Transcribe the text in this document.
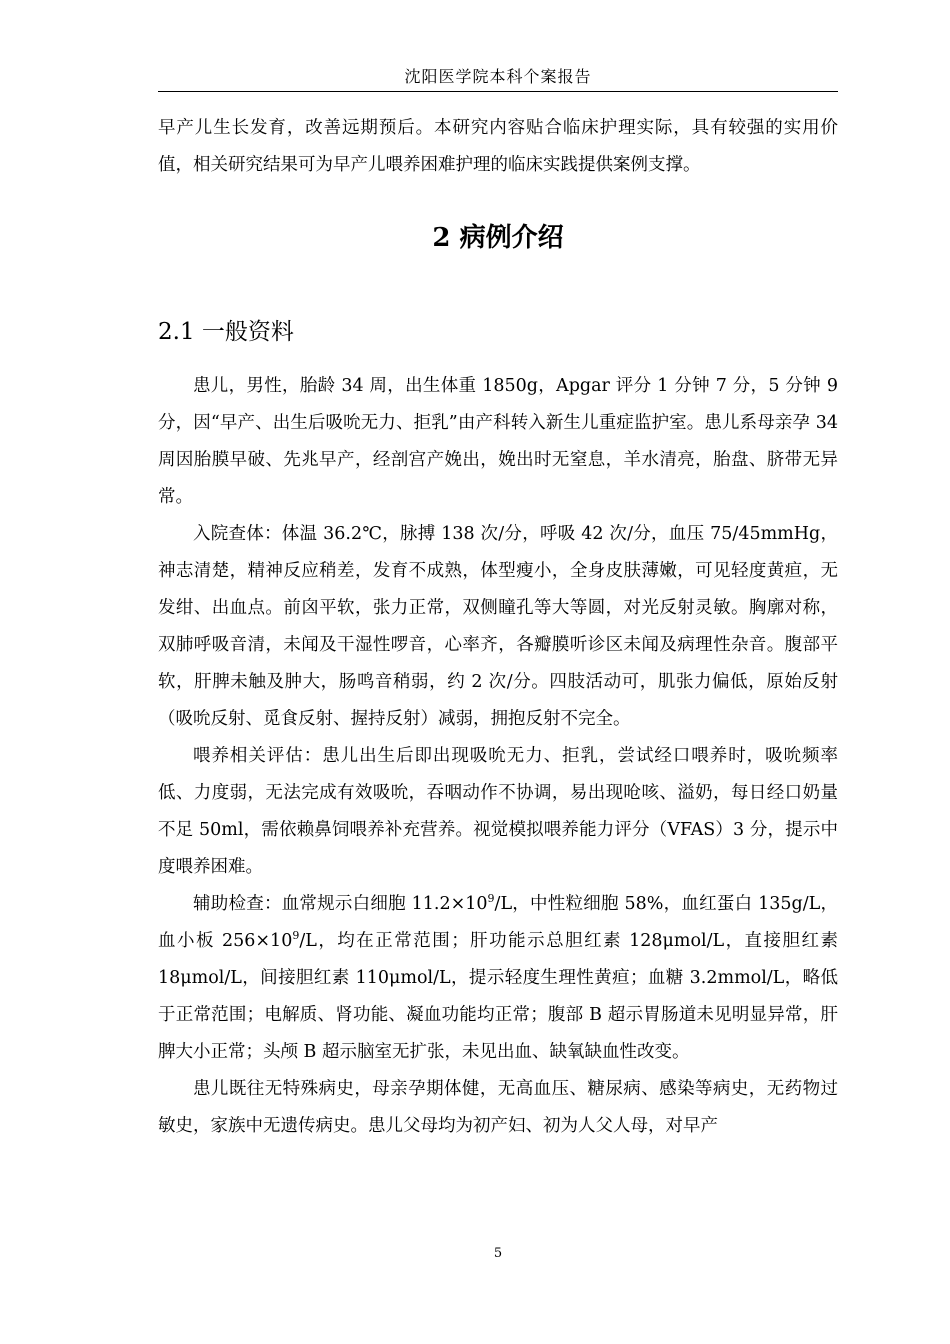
沈阳医学院本科个案报告

早产儿生长发育，改善远期预后。本研究内容贴合临床护理实际，具有较强的实用价值，相关研究结果可为早产儿喂养困难护理的临床实践提供案例支撑。

2 病例介绍
2.1 一般资料

患儿，男性，胎龄 34 周，出生体重 1850g，Apgar 评分 1 分钟 7 分，5 分钟 9 分，因“早产、出生后吸吮无力、拒乳”由产科转入新生儿重症监护室。患儿系母亲孕 34 周因胎膜早破、先兆早产，经剖宫产娩出，娩出时无窒息，羊水清亮，胎盘、脐带无异常。

入院查体：体温 36.2℃，脉搏 138 次/分，呼吸 42 次/分，血压 75/45mmHg，神志清楚，精神反应稍差，发育不成熟，体型瘦小，全身皮肤薄嫩，可见轻度黄疸，无发绀、出血点。前囟平软，张力正常，双侧瞳孔等大等圆，对光反射灵敏。胸廓对称，双肺呼吸音清，未闻及干湿性啰音，心率齐，各瓣膜听诊区未闻及病理性杂音。腹部平软，肝脾未触及肿大，肠鸣音稍弱，约 2 次/分。四肢活动可，肌张力偏低，原始反射（吸吮反射、觅食反射、握持反射）减弱，拥抱反射不完全。

喂养相关评估：患儿出生后即出现吸吮无力、拒乳，尝试经口喂养时，吸吮频率低、力度弱，无法完成有效吸吮，吞咽动作不协调，易出现呛咳、溢奶，每日经口奶量不足 50ml，需依赖鼻饲喂养补充营养。视觉模拟喂养能力评分（VFAS）3 分，提示中度喂养困难。

辅助检查：血常规示白细胞 $11.2\times 10^9/L$，中性粒细胞 58%，血红蛋白 135g/L，血小板 $256\times 10^9/L$，均在正常范围；肝功能示总胆红素 128μmol/L，直接胆红素 18μmol/L，间接胆红素 110μmol/L，提示轻度生理性黄疸；血糖 3.2mmol/L，略低于正常范围；电解质、肾功能、凝血功能均正常；腹部 B 超示胃肠道未见明显异常，肝脾大小正常；头颅 B 超示脑室无扩张，未见出血、缺氧缺血性改变。

患儿既往无特殊病史，母亲孕期体健，无高血压、糖尿病、感染等病史，无药物过敏史，家族中无遗传病史。患儿父母均为初产妇、初为人父人母，对早产

5
